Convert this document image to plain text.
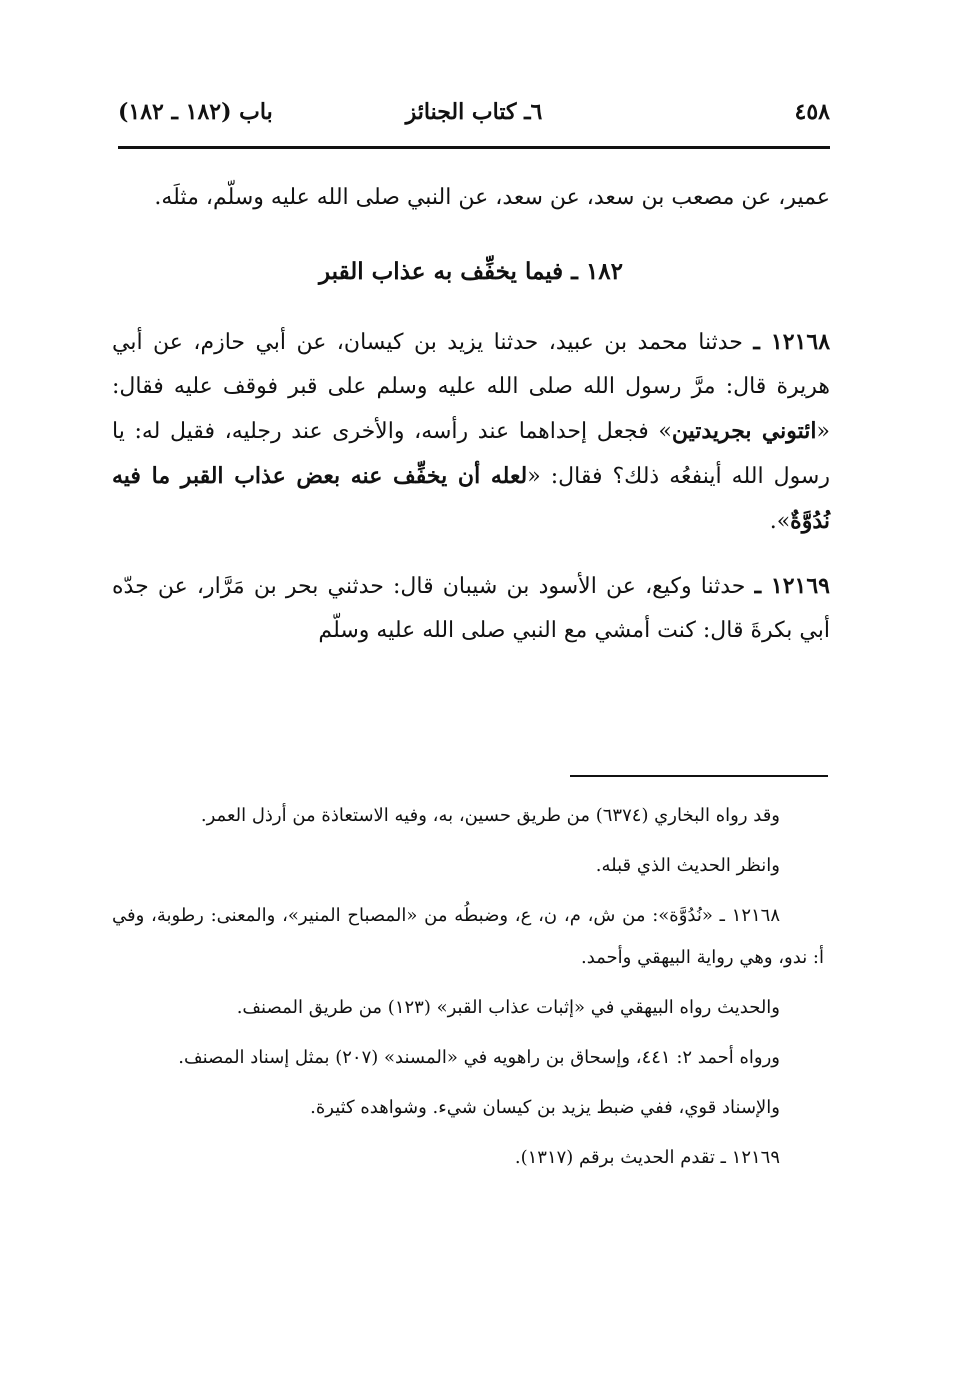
٤٥٨
٦ـ كتاب الجنائز
باب (١٨٢ ـ ١٨٢)

عمير، عن مصعب بن سعد، عن سعد، عن النبي صلى الله عليه وسلّم، مثلَه.

١٨٢ ـ فيما يخفِّف به عذاب القبر

١٢١٦٨ ـ حدثنا محمد بن عبيد، حدثنا يزيد بن كيسان، عن أبي حازم، عن أبي هريرة قال: مرَّ رسول الله صلى الله عليه وسلم على قبر فوقف عليه فقال: «ائتوني بجريدتين» فجعل إحداهما عند رأسه، والأخرى عند رجليه، فقيل له: يا رسول الله أينفعُه ذلك؟ فقال: «لعله أن يخفِّف عنه بعض عذاب القبر ما فيه نُدُوَّةٌ».

١٢١٦٩ ـ حدثنا وكيع، عن الأسود بن شيبان قال: حدثني بحر بن مَرَّار، عن جدّه أبي بكرةَ قال: كنت أمشي مع النبي صلى الله عليه وسلّم

وقد رواه البخاري (٦٣٧٤) من طريق حسين، به، وفيه الاستعاذة من أرذل العمر.

وانظر الحديث الذي قبله.

١٢١٦٨ ـ «نُدُوَّة»: من ش، م، ن، ع، وضبطُه من «المصباح المنير»، والمعنى: رطوبة، وفي أ: ندو، وهي رواية البيهقي وأحمد.

والحديث رواه البيهقي في «إثبات عذاب القبر» (١٢٣) من طريق المصنف.

ورواه أحمد ٢: ٤٤١، وإسحاق بن راهويه في «المسند» (٢٠٧) بمثل إسناد المصنف.

والإسناد قوي، ففي ضبط يزيد بن كيسان شيء. وشواهده كثيرة.

١٢١٦٩ ـ تقدم الحديث برقم (١٣١٧).
